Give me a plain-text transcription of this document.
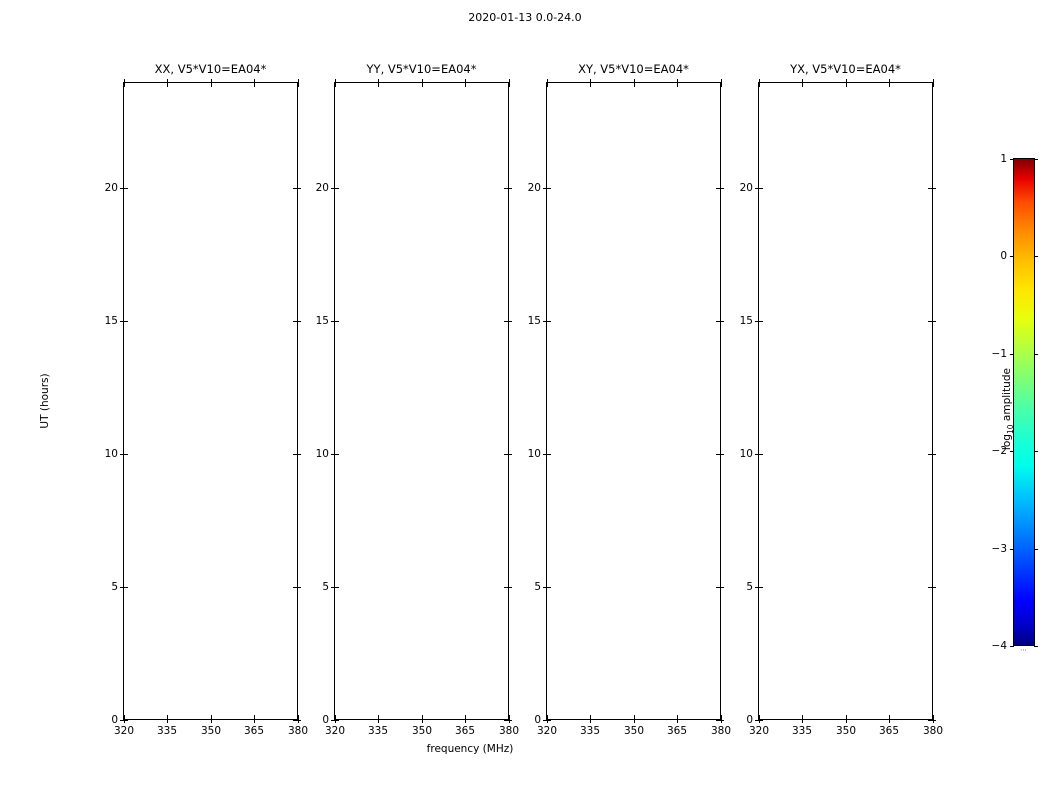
2020-01-13 0.0-24.0
XX, V5*V10=EA04*
0
5
10
15
20
320 335 350 365 380
YY, V5*V10=EA04*
0
5
10
15
20
320 335 350 365 380
XY, V5*V10=EA04*
0
5
10
15
20
320 335 350 365 380
YX, V5*V10=EA04*
0
5
10
15
20
320 335 350 365 380
UT (hours)
frequency (MHz)
−4
−3
−2
−1
0
1
⋯
$\log_{10}$ amplitude
